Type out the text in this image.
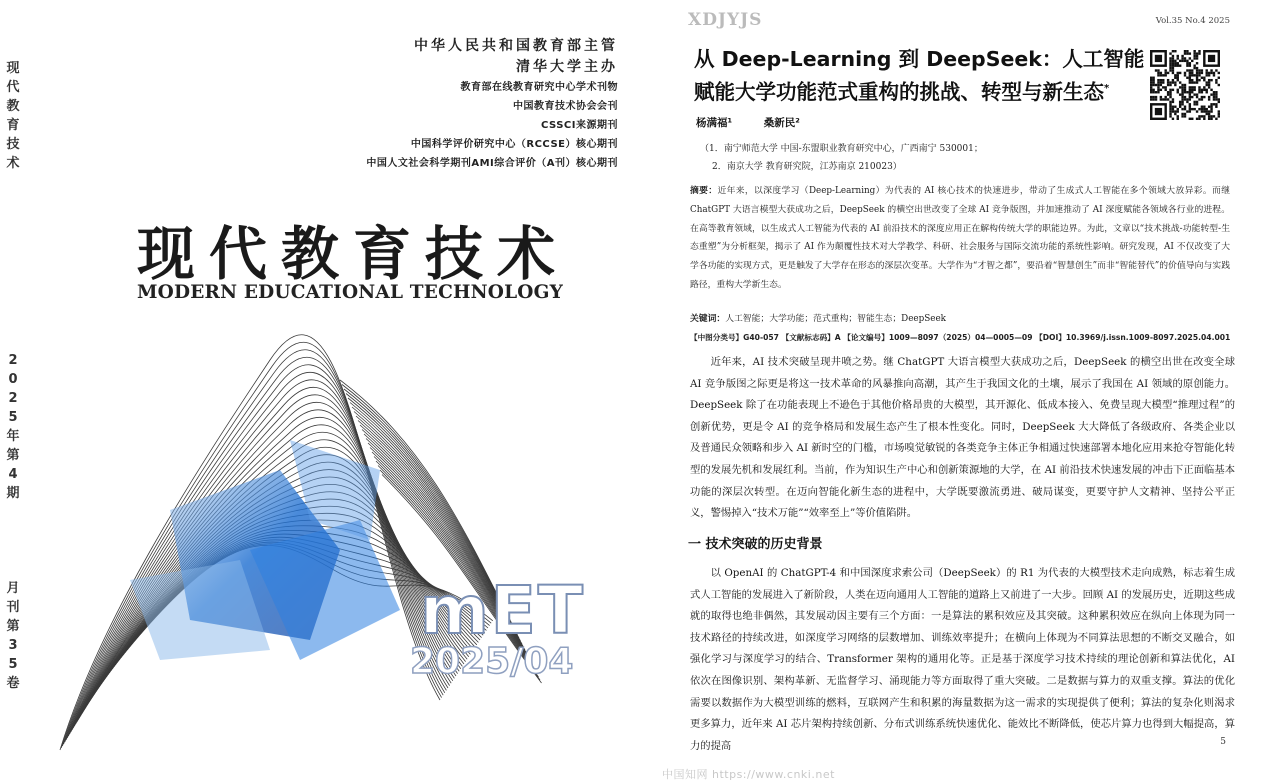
现
代
教
育
技
术
2
0
2
5
年
第
4
期
月
刊
第
3
5
卷
中华人民共和国教育部主管
清华大学主办
教育部在线教育研究中心学术刊物
中国教育技术协会会刊
CSSCI来源期刊
中国科学评价研究中心（RCCSE）核心期刊
中国人文社会科学期刊AMI综合评价（A刊）核心期刊
现代教育技术
MODERN EDUCATIONAL TECHNOLOGY
mET
2025/04
XDJYJS	Vol.35 No.4 2025
从 Deep-Learning 到 DeepSeek：人工智能赋能大学功能范式重构的挑战、转型与新生态*
杨满福¹	桑新民²
（1．南宁师范大学 中国-东盟职业教育研究中心，广西南宁 530001；
2．南京大学 教育研究院，江苏南京 210023）
摘要：近年来，以深度学习（Deep-Learning）为代表的 AI 核心技术的快速进步，带动了生成式人工智能在多个领域大放异彩。而继 ChatGPT 大语言模型大获成功之后，DeepSeek 的横空出世改变了全球 AI 竞争版图，并加速推动了 AI 深度赋能各领域各行业的进程。在高等教育领域，以生成式人工智能为代表的 AI 前沿技术的深度应用正在解构传统大学的职能边界。为此，文章以“技术挑战-功能转型-生态重塑”为分析框架，揭示了 AI 作为颠覆性技术对大学教学、科研、社会服务与国际交流功能的系统性影响。研究发现，AI 不仅改变了大学各功能的实现方式，更是触发了大学存在形态的深层次变革。大学作为“才智之都”，要沿着“智慧创生”而非“智能替代”的价值导向与实践路径，重构大学新生态。
关键词：人工智能；大学功能；范式重构；智能生态；DeepSeek
【中图分类号】G40-057 【文献标志码】A 【论文编号】1009—8097（2025）04—0005—09 【DOI】10.3969/j.issn.1009-8097.2025.04.001
近年来，AI 技术突破呈现井喷之势。继 ChatGPT 大语言模型大获成功之后，DeepSeek 的横空出世在改变全球 AI 竞争版图之际更是将这一技术革命的风暴推向高潮，其产生于我国文化的土壤，展示了我国在 AI 领域的原创能力。DeepSeek 除了在功能表现上不逊色于其他价格昂贵的大模型，其开源化、低成本接入、免费呈现大模型“推理过程”的创新优势，更是令 AI 的竞争格局和发展生态产生了根本性变化。同时，DeepSeek 大大降低了各级政府、各类企业以及普通民众领略和步入 AI 新时空的门槛，市场嗅觉敏锐的各类竞争主体正争相通过快速部署本地化应用来抢夺智能化转型的发展先机和发展红利。当前，作为知识生产中心和创新策源地的大学，在 AI 前沿技术快速发展的冲击下正面临基本功能的深层次转型。在迈向智能化新生态的进程中，大学既要激流勇进、破局谋变，更要守护人文精神、坚持公平正义，警惕掉入“技术万能”“效率至上”等价值陷阱。
一 技术突破的历史背景
以 OpenAI 的 ChatGPT-4 和中国深度求索公司（DeepSeek）的 R1 为代表的大模型技术走向成熟，标志着生成式人工智能的发展进入了新阶段，人类在迈向通用人工智能的道路上又前进了一大步。回顾 AI 的发展历史，近期这些成就的取得也绝非偶然，其发展动因主要有三个方面：一是算法的累积效应及其突破。这种累积效应在纵向上体现为同一技术路径的持续改进，如深度学习网络的层数增加、训练效率提升；在横向上体现为不同算法思想的不断交叉融合，如强化学习与深度学习的结合、Transformer 架构的通用化等。正是基于深度学习技术持续的理论创新和算法优化，AI 依次在图像识别、架构革新、无监督学习、涌现能力等方面取得了重大突破。二是数据与算力的双重支撑。算法的优化需要以数据作为大模型训练的燃料，互联网产生和积累的海量数据为这一需求的实现提供了便利；算法的复杂化则渴求更多算力，近年来 AI 芯片架构持续创新、分布式训练系统快速优化、能效比不断降低，使芯片算力也得到大幅提高，算力的提高	5
中国知网 https://www.cnki.net
